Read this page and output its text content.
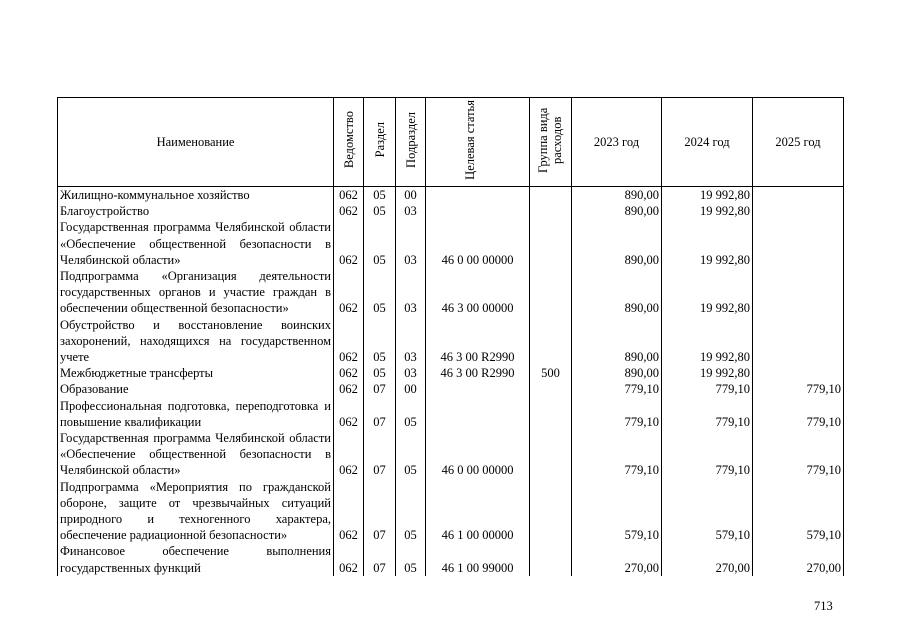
Наименование	Ведомство	Раздел	Подраздел	Целевая статья	Группа вида расходов	2023 год	2024 год	2025 год
Жилищно-коммунальное хозяйство	062	05	00			890,00	19 992,80	
Благоустройство	062	05	03			890,00	19 992,80	
Государственная программа Челябинской области «Обеспечение общественной безопасности в Челябинской области»	062	05	03	46 0 00 00000		890,00	19 992,80	
Подпрограмма «Организация деятельности государственных органов и участие граждан в обеспечении общественной безопасности»	062	05	03	46 3 00 00000		890,00	19 992,80	
Обустройство и восстановление воинских захоронений, находящихся на государственном учете	062	05	03	46 3 00 R2990		890,00	19 992,80	
Межбюджетные трансферты	062	05	03	46 3 00 R2990	500	890,00	19 992,80	
Образование	062	07	00			779,10	779,10	779,10
Профессиональная подготовка, переподготовка и повышение квалификации	062	07	05			779,10	779,10	779,10
Государственная программа Челябинской области «Обеспечение общественной безопасности в Челябинской области»	062	07	05	46 0 00 00000		779,10	779,10	779,10
Подпрограмма «Мероприятия по гражданской обороне, защите от чрезвычайных ситуаций природного и техногенного характера, обеспечение радиационной безопасности»	062	07	05	46 1 00 00000		579,10	579,10	579,10
Финансовое обеспечение выполнения государственных функций	062	07	05	46 1 00 99000		270,00	270,00	270,00
713
